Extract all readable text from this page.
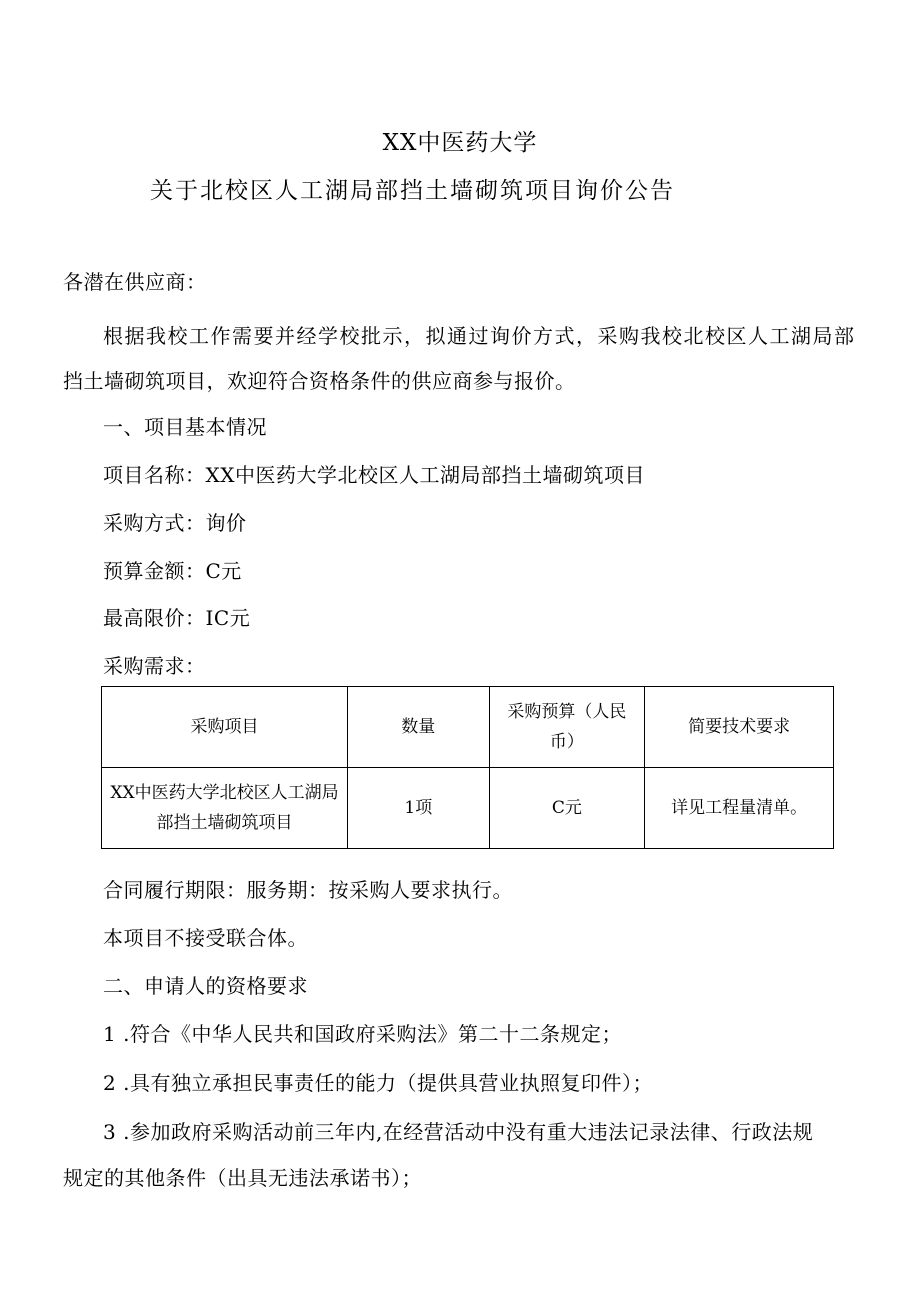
XX中医药大学
关于北校区人工湖局部挡土墙砌筑项目询价公告
各潜在供应商：
根据我校工作需要并经学校批示，拟通过询价方式，采购我校北校区人工湖局部
挡土墙砌筑项目，欢迎符合资格条件的供应商参与报价。
一、项目基本情况
项目名称：XX中医药大学北校区人工湖局部挡土墙砌筑项目
采购方式：询价
预算金额：C元
最高限价：IC元
采购需求：
采购项目	数量	采购预算（人民币）	简要技术要求
XX中医药大学北校区人工湖局部挡土墙砌筑项目	1项	C元	详见工程量清单。
合同履行期限：服务期：按采购人要求执行。
本项目不接受联合体。
二、申请人的资格要求
1 .符合《中华人民共和国政府采购法》第二十二条规定；
2 .具有独立承担民事责任的能力（提供具营业执照复印件）；
3 .参加政府采购活动前三年内,在经营活动中没有重大违法记录法律、行政法规
规定的其他条件（出具无违法承诺书）；
